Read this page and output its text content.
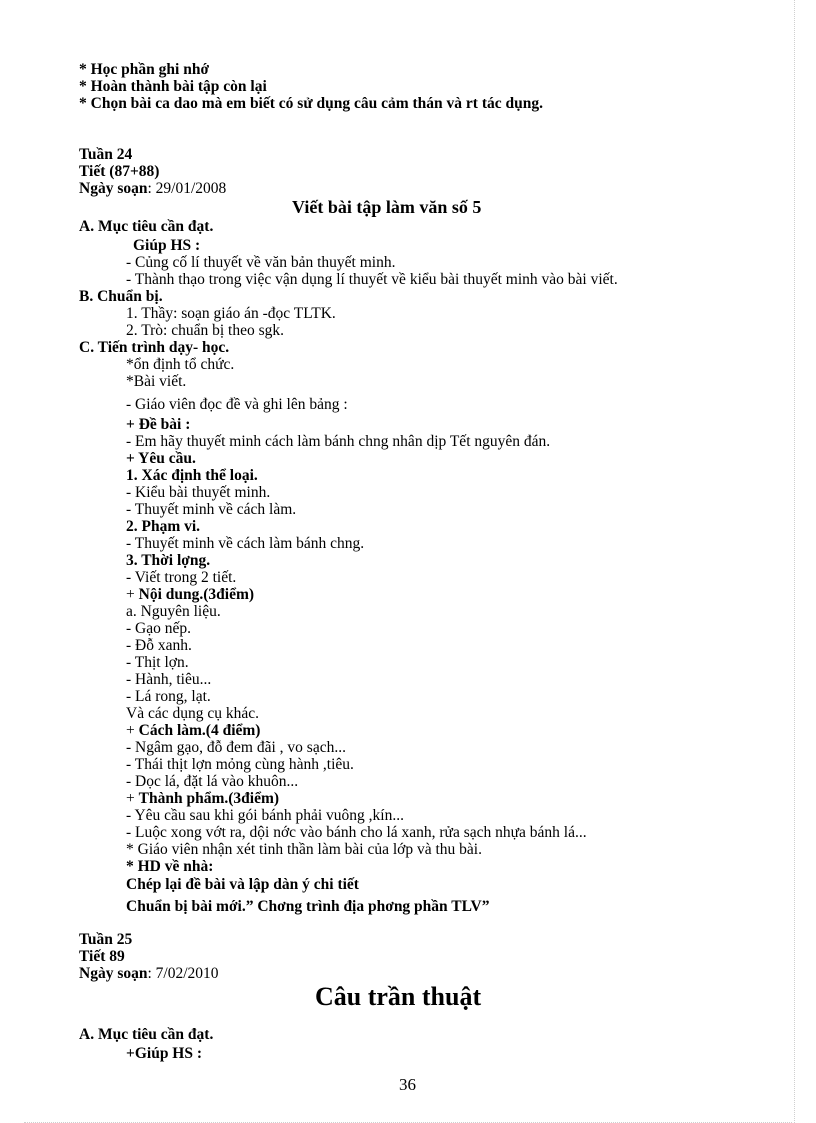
* Học phần ghi nhớ
* Hoàn thành bài tập còn lại
* Chọn bài ca dao mà em biết có sử dụng câu cảm thán và rt tác dụng.
Tuần 24
Tiết (87+88)
Ngày soạn: 29/01/2008
Viết bài tập làm văn số 5
A. Mục tiêu cần đạt.
Giúp HS :
- Củng cố lí thuyết về văn bản thuyết minh.
- Thành thạo trong việc vận dụng lí thuyết về kiểu bài thuyết minh vào bài viết.
B. Chuẩn bị.
1. Thầy: soạn giáo án -đọc TLTK.
2. Trò: chuẩn bị theo sgk.
C. Tiến trình dạy- học.
*ổn định tổ chức.
*Bài viết.
- Giáo viên đọc đề và ghi lên bảng :
+ Đề bài :
- Em hãy thuyết minh cách làm bánh chng nhân dịp Tết nguyên đán.
+ Yêu cầu.
1. Xác định thể loại.
- Kiểu bài thuyết minh.
- Thuyết minh về cách làm.
2. Phạm vi.
- Thuyết minh về cách làm bánh chng.
3. Thời lợng.
- Viết trong 2 tiết.
+ Nội dung.(3điểm)
a. Nguyên liệu.
- Gạo nếp.
- Đỗ xanh.
- Thịt lợn.
- Hành, tiêu...
- Lá rong, lạt.
Và các dụng cụ khác.
+ Cách làm.(4 điểm)
- Ngâm gạo, đỗ đem đãi , vo sạch...
- Thái thịt lợn mỏng cùng hành ,tiêu.
- Dọc lá, đặt lá vào khuôn...
+ Thành phẩm.(3điểm)
- Yêu cầu sau khi gói bánh phải vuông ,kín...
- Luộc xong vớt ra, dội nớc vào bánh cho lá xanh, rửa sạch nhựa bánh lá...
* Giáo viên nhận xét tinh thần làm bài của lớp và thu bài.
* HD về nhà:
Chép lại đề bài và lập dàn ý chi tiết
Chuẩn bị bài mới.” Chơng trình địa phơng phần TLV”
Tuần 25
Tiết 89
Ngày soạn: 7/02/2010
Câu trần thuật
A. Mục tiêu cần đạt.
+Giúp HS :
36
